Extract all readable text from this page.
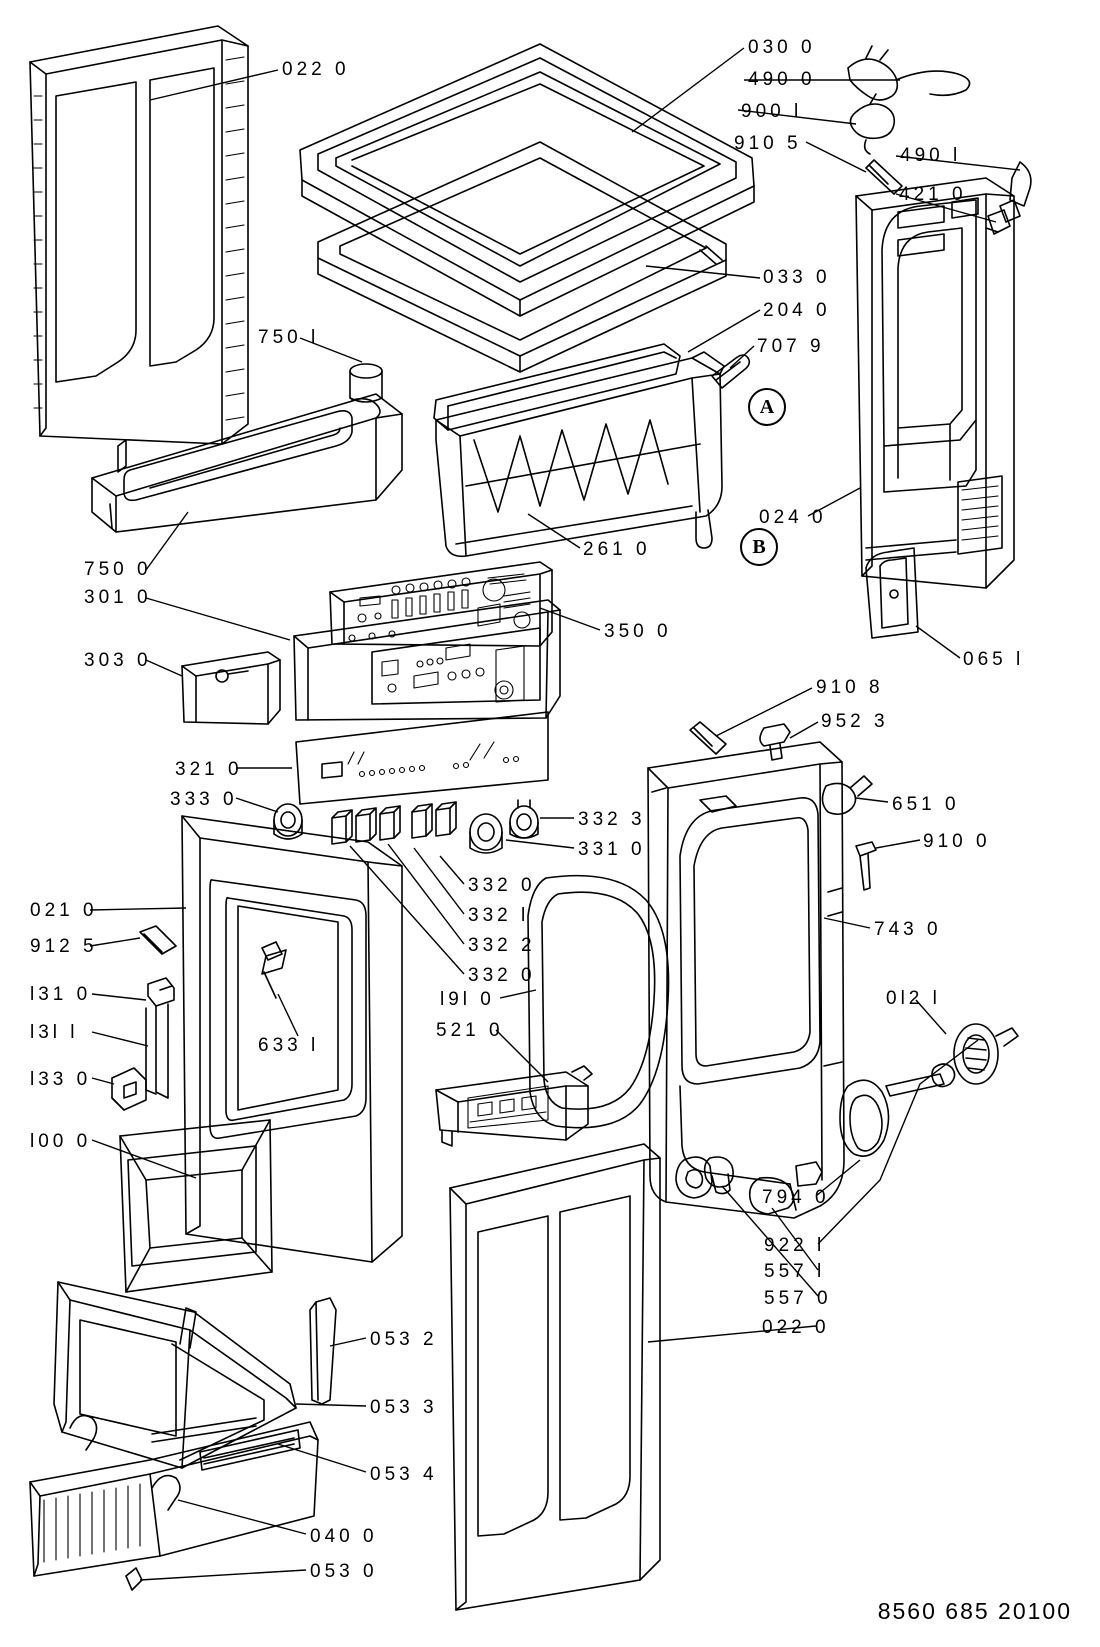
022 0
030 0
490 0
900 l
910 5
490 l
421 0
033 0
204 0
707 9
750 l
750 0
261 0
024 0
065 l
301 0
350 0
303 0
910 8
952 3
321 0
651 0
333 0
332 3
910 0
331 0
332 0
021 0	332 l
743 0
912 5	332 2
332 0
l31 0	l9l 0	0l2 l
l3l l	521 0
633 l
l33 0
l00 0
794 0
922 l
557 l
557 0
022 0
053 2
053 3
053 4
040 0
053 0
A
B
8560 685 20100
